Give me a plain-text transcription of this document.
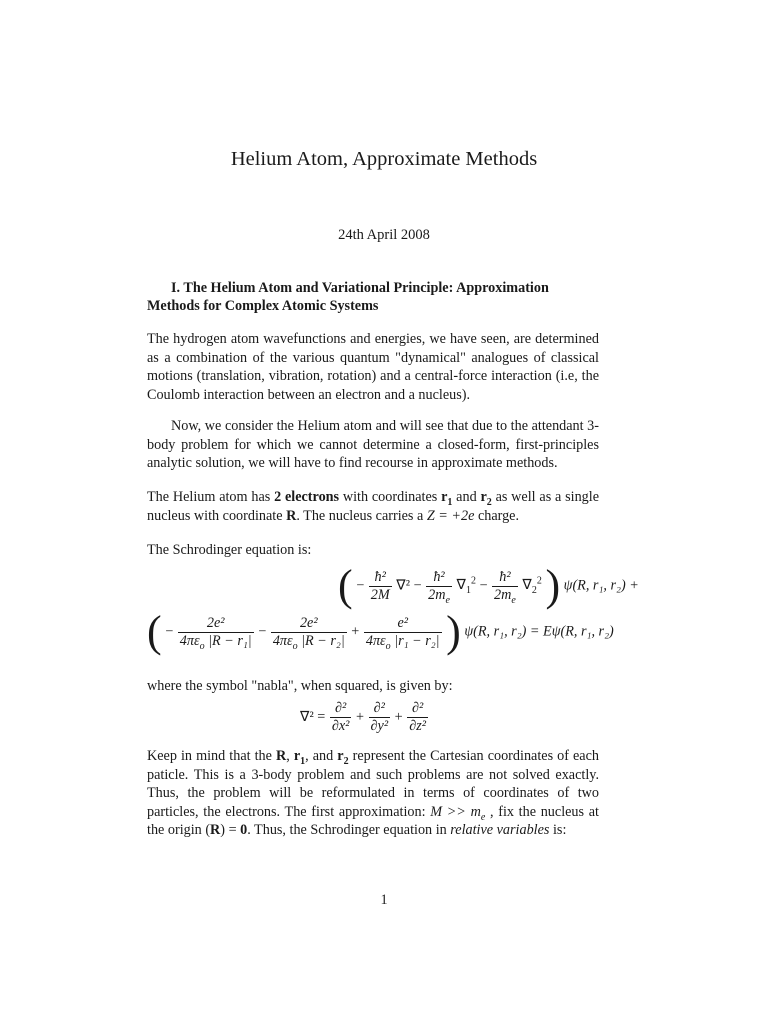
Helium Atom, Approximate Methods
24th April 2008
I. The Helium Atom and Variational Principle: Approximation
Methods for Complex Atomic Systems
The hydrogen atom wavefunctions and energies, we have seen, are determined as a combination of the various quantum "dynamical" analogues of classical motions (translation, vibration, rotation) and a central-force interaction (i.e, the Coulomb interaction between an electron and a nucleus).
Now, we consider the Helium atom and will see that due to the attendant 3-body problem for which we cannot determine a closed-form, first-principles analytic solution, we will have to find recourse in approximate methods.
The Helium atom has 2 electrons with coordinates $r_1$ and $r_2$ as well as a single nucleus with coordinate R. The nucleus carries a Z = +2e charge.
The Schrodinger equation is:
( − $\frac{\text{ħ²}}{2M} \nabla^2 - \frac{\text{ħ²}}{2m_e} \nabla_1^2 - \frac{\text{ħ²}}{2m_e} \nabla_2^2$ ) ψ(R, r₁, r₂) +
( − $\frac{\text{2e²}}{4\pi\varepsilon_o |R - r_1|} - \frac{\text{2e²}}{4\pi\varepsilon_o |R - r_2|} + \frac{\text{e²}}{4\pi\varepsilon_o |r_1 - r_2|}$ ) ψ(R, r₁, r₂) = Eψ(R, r₁, r₂)
where the symbol "nabla", when squared, is given by:
$\nabla^2 = \frac{\text{∂²}}{\text{∂x²}} + \frac{\text{∂²}}{\text{∂y²}} + \frac{\text{∂²}}{\text{∂z²}}$
Keep in mind that the R, $r_1$, and $r_2$ represent the Cartesian coordinates of each paticle. This is a 3-body problem and such problems are not solved exactly. Thus, the problem will be reformulated in terms of coordinates of two particles, the electrons. The first approximation: $M >> m_e$ , fix the nucleus at the origin (R) = 0. Thus, the Schrodinger equation in relative variables is:
1
